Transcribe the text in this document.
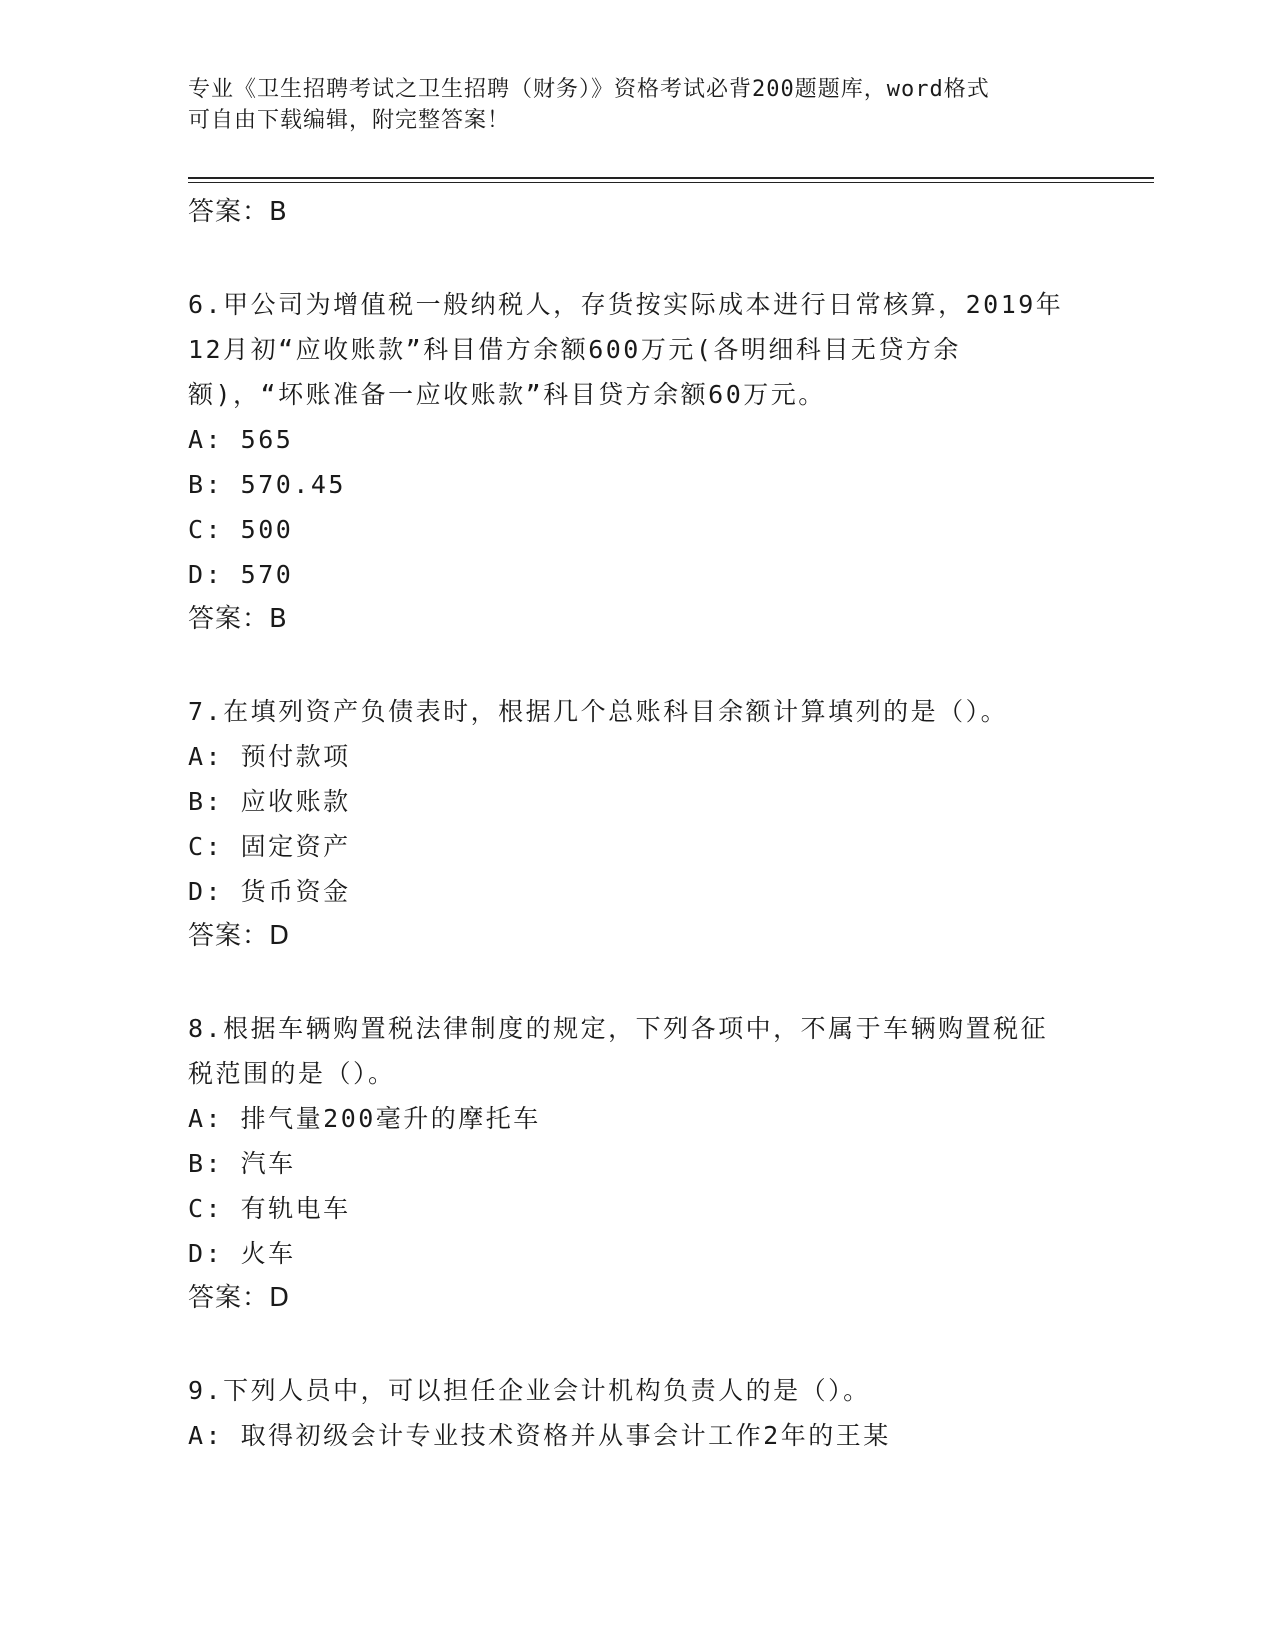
专业《卫生招聘考试之卫生招聘（财务）》资格考试必背200题题库，word格式
可自由下载编辑，附完整答案！
答案：B
6.甲公司为增值税一般纳税人，存货按实际成本进行日常核算，2019年12月初“应收账款”科目借方余额600万元(各明细科目无贷方余额)，“坏账准备一应收账款”科目贷方余额60万元。
A: 565
B: 570.45
C: 500
D: 570
答案：B
7.在填列资产负债表时，根据几个总账科目余额计算填列的是（）。
A: 预付款项
B: 应收账款
C: 固定资产
D: 货币资金
答案：D
8.根据车辆购置税法律制度的规定，下列各项中，不属于车辆购置税征税范围的是（）。
A: 排气量200毫升的摩托车
B: 汽车
C: 有轨电车
D: 火车
答案：D
9.下列人员中，可以担任企业会计机构负责人的是（）。
A: 取得初级会计专业技术资格并从事会计工作2年的王某
